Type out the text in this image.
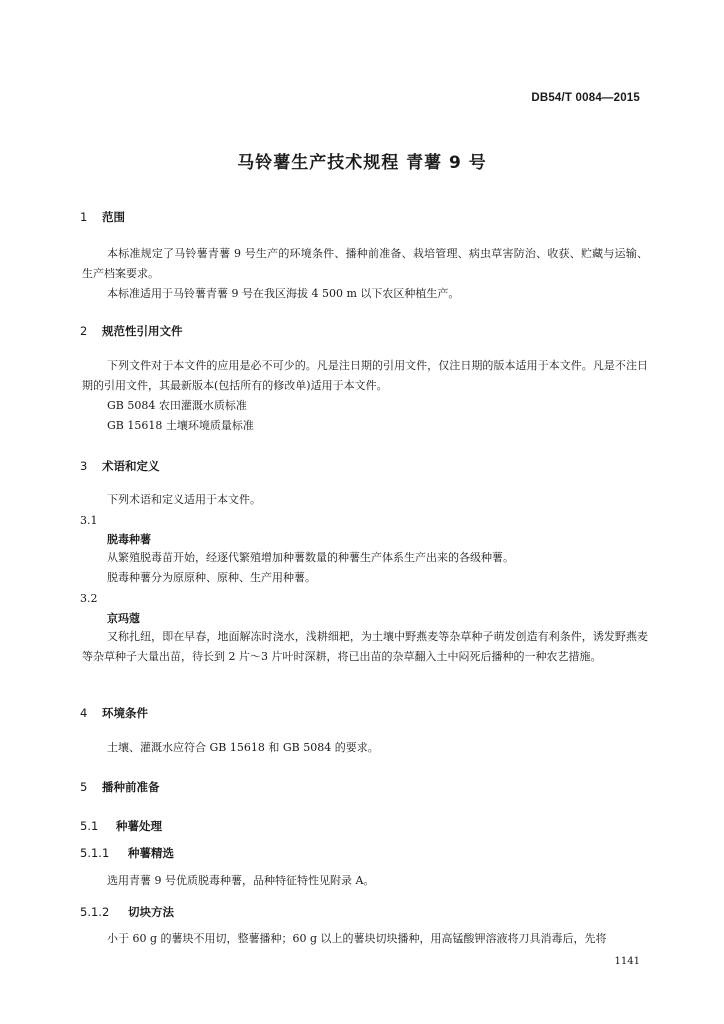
DB54/T 0084—2015
马铃薯生产技术规程 青薯 9 号
1 范围
本标准规定了马铃薯青薯 9 号生产的环境条件、播种前准备、栽培管理、病虫草害防治、收获、贮藏与运输、生产档案要求。
本标准适用于马铃薯青薯 9 号在我区海拔 4 500 m 以下农区种植生产。
2 规范性引用文件
下列文件对于本文件的应用是必不可少的。凡是注日期的引用文件，仅注日期的版本适用于本文件。凡是不注日期的引用文件，其最新版本(包括所有的修改单)适用于本文件。
GB 5084 农田灌溉水质标准
GB 15618 土壤环境质量标准
3 术语和定义
下列术语和定义适用于本文件。
3.1
脱毒种薯
从繁殖脱毒苗开始，经逐代繁殖增加种薯数量的种薯生产体系生产出来的各级种薯。
脱毒种薯分为原原种、原种、生产用种薯。
3.2
京玛蔻
又称扎纽，即在早春，地面解冻时浇水，浅耕细耙，为土壤中野燕麦等杂草种子萌发创造有利条件，诱发野燕麦等杂草种子大量出苗，待长到 2 片～3 片叶时深耕，将已出苗的杂草翻入土中闷死后播种的一种农艺措施。
4 环境条件
土壤、灌溉水应符合 GB 15618 和 GB 5084 的要求。
5 播种前准备
5.1 种薯处理
5.1.1 种薯精选
选用青薯 9 号优质脱毒种薯，品种特征特性见附录 A。
5.1.2 切块方法
小于 60 g 的薯块不用切，整薯播种；60 g 以上的薯块切块播种，用高锰酸钾溶液将刀具消毒后，先将
1141
